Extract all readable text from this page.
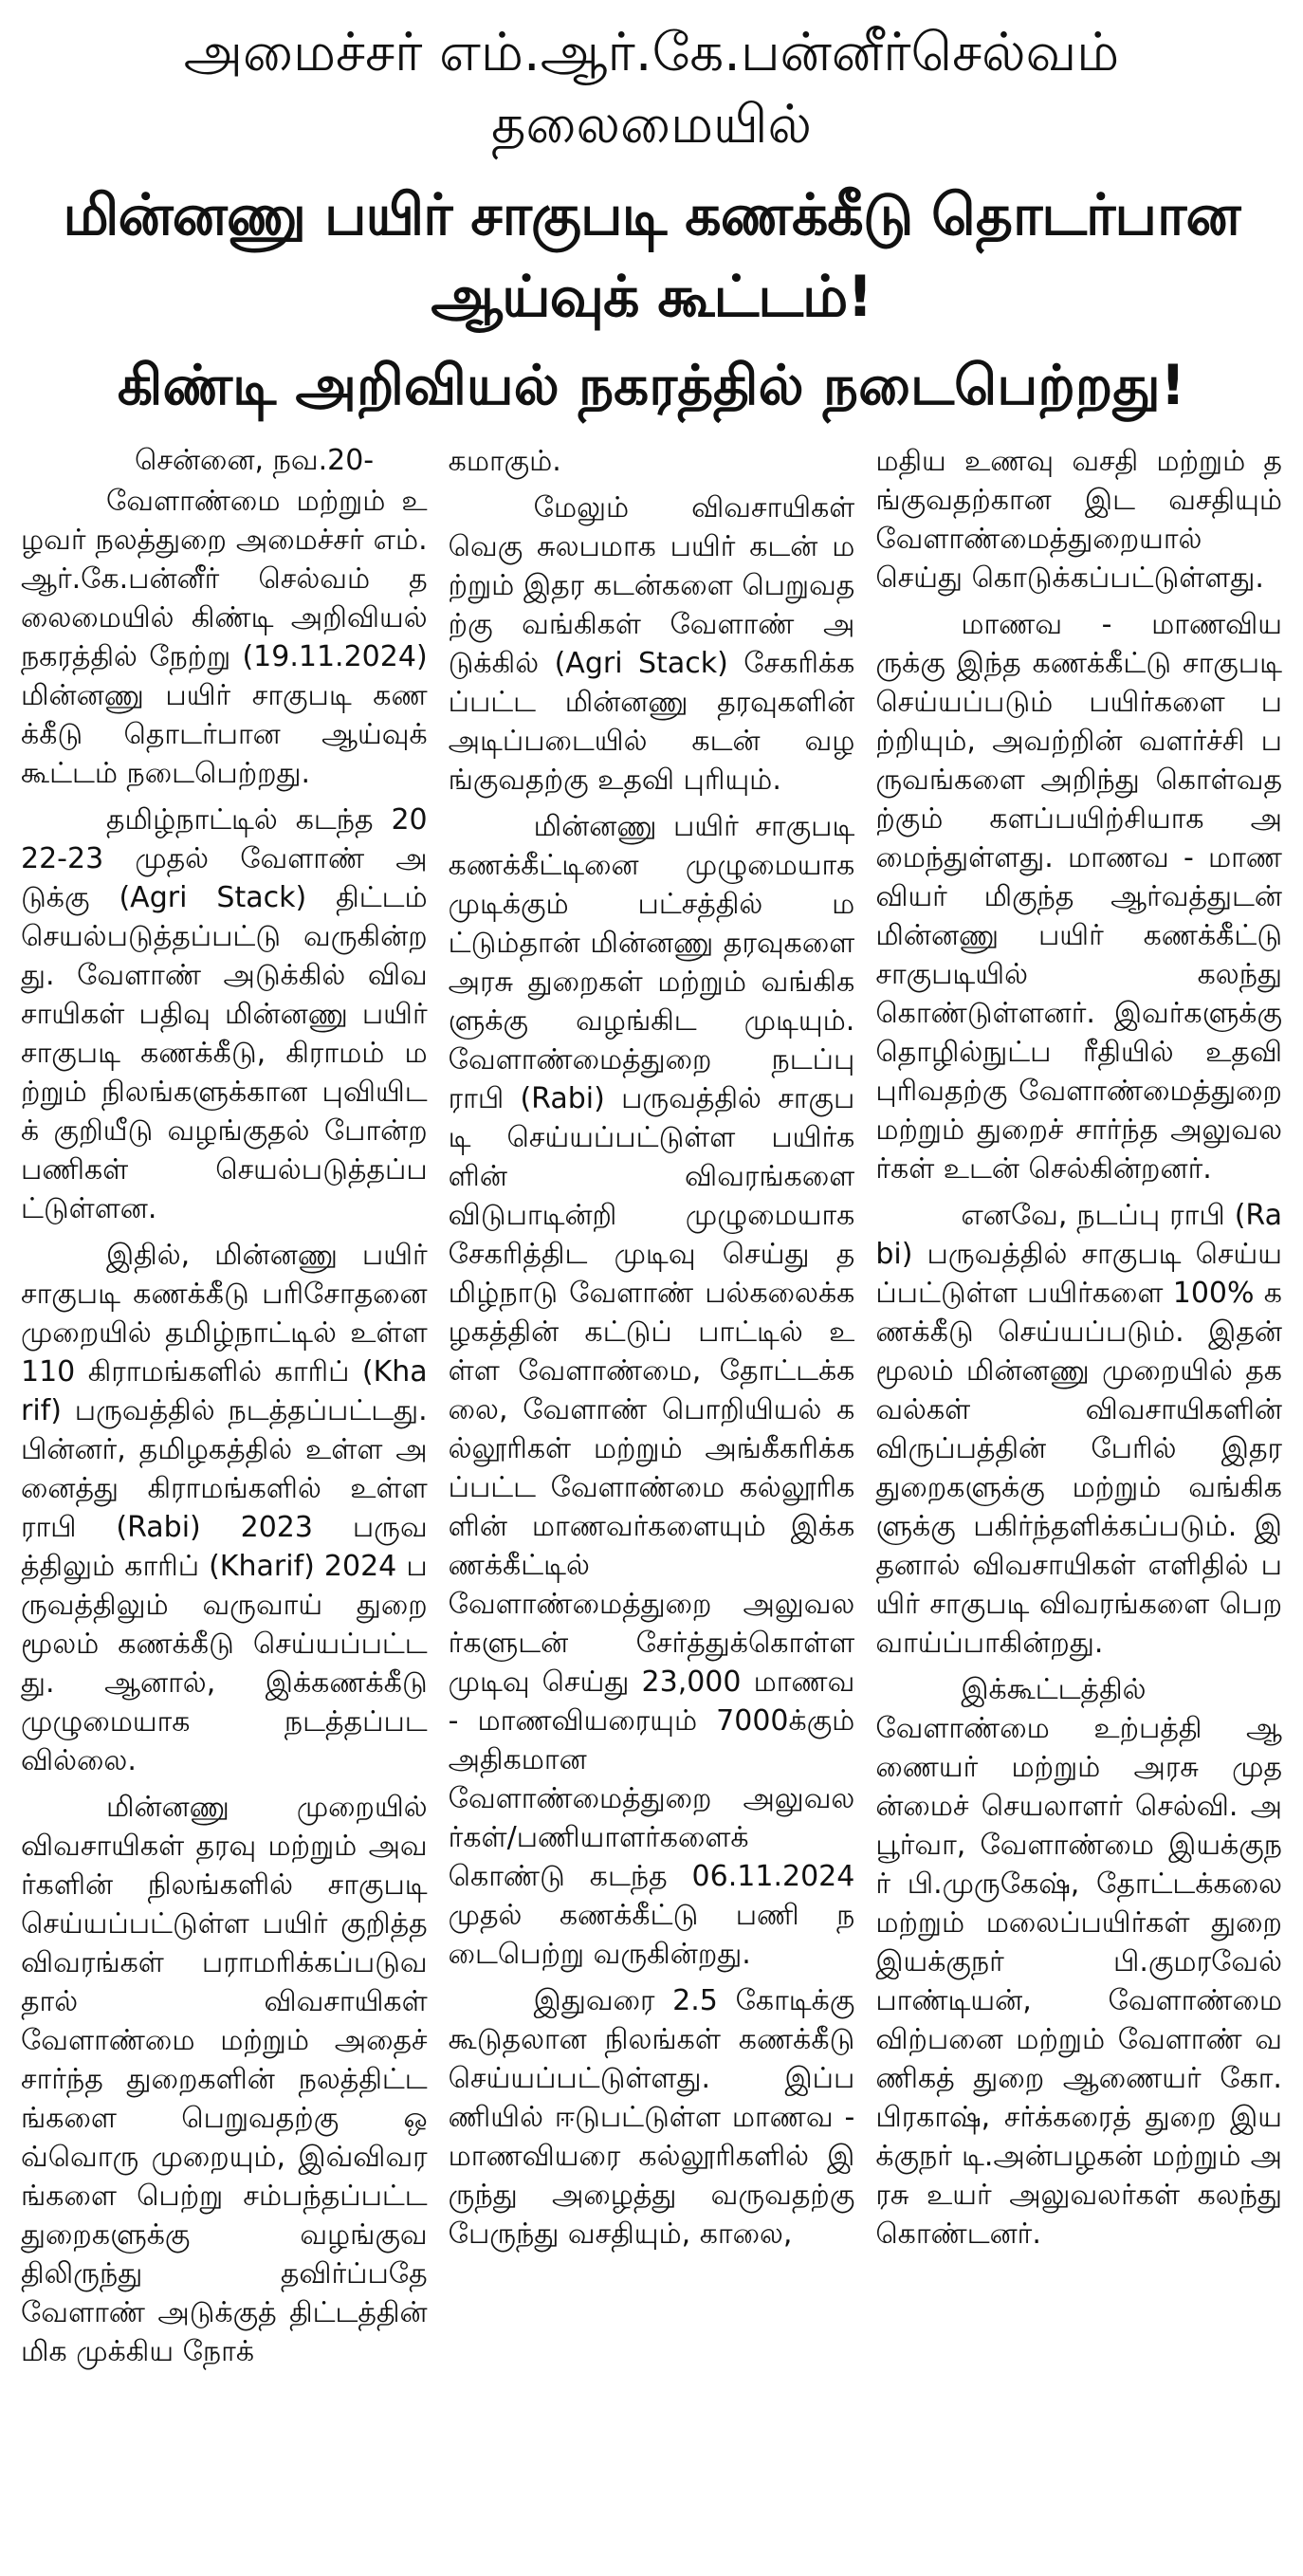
அமைச்சர் எம்.ஆர்.கே.பன்னீர்செல்வம் தலைமையில்
மின்னணு பயிர் சாகுபடி கணக்கீடு தொடர்பான ஆய்வுக் கூட்டம்!
கிண்டி அறிவியல் நகரத்தில் நடைபெற்றது!
சென்னை, நவ.20-

வேளாண்மை மற்றும் உழவர் நலத்துறை அமைச்சர் எம்.ஆர்.கே.பன்னீர் செல்வம் தலைமையில் கிண்டி அறிவியல் நகரத்தில் நேற்று (19.11.2024) மின்னணு பயிர் சாகுபடி கணக்கீடு தொடர்பான ஆய்வுக் கூட்டம் நடைபெற்றது.

தமிழ்நாட்டில் கடந்த 2022-23 முதல் வேளாண் அடுக்கு (Agri Stack) திட்டம் செயல்படுத்தப்பட்டு வருகின்றது. வேளாண் அடுக்கில் விவசாயிகள் பதிவு மின்னணு பயிர் சாகுபடி கணக்கீடு, கிராமம் மற்றும் நிலங்களுக்கான புவியிடக் குறியீடு வழங்குதல் போன்ற பணிகள் செயல்படுத்தப்பட்டுள்ளன.

இதில், மின்னணு பயிர் சாகுபடி கணக்கீடு பரிசோதனை முறையில் தமிழ்நாட்டில் உள்ள 110 கிராமங்களில் காரிப் (Kharif) பருவத்தில் நடத்தப்பட்டது. பின்னர், தமிழகத்தில் உள்ள அனைத்து கிராமங்களில் உள்ள ராபி (Rabi) 2023 பருவத்திலும் காரிப் (Kharif) 2024 பருவத்திலும் வருவாய் துறை மூலம் கணக்கீடு செய்யப்பட்டது. ஆனால், இக்கணக்கீடு முழுமையாக நடத்தப்படவில்லை.

மின்னணு முறையில் விவசாயிகள் தரவு மற்றும் அவர்களின் நிலங்களில் சாகுபடி செய்யப்பட்டுள்ள பயிர் குறித்த விவரங்கள் பராமரிக்கப்படுவதால் விவசாயிகள் வேளாண்மை மற்றும் அதைச் சார்ந்த துறைகளின் நலத்திட்டங்களை பெறுவதற்கு ஒவ்வொரு முறையும், இவ்விவரங்களை பெற்று சம்பந்தப்பட்ட துறைகளுக்கு வழங்குவதிலிருந்து தவிர்ப்பதே வேளாண் அடுக்குத் திட்டத்தின் மிக முக்கிய நோக்

கமாகும்.

மேலும் விவசாயிகள் வெகு சுலபமாக பயிர் கடன் மற்றும் இதர கடன்களை பெறுவதற்கு வங்கிகள் வேளாண் அடுக்கில் (Agri Stack) சேகரிக்கப்பட்ட மின்னணு தரவுகளின் அடிப்படையில் கடன் வழங்குவதற்கு உதவி புரியும்.

மின்னணு பயிர் சாகுபடி கணக்கீட்டினை முழுமையாக முடிக்கும் பட்சத்தில் மட்டும்தான் மின்னணு தரவுகளை அரசு துறைகள் மற்றும் வங்கிகளுக்கு வழங்கிட முடியும். வேளாண்மைத்துறை நடப்பு ராபி (Rabi) பருவத்தில் சாகுபடி செய்யப்பட்டுள்ள பயிர்களின் விவரங்களை விடுபாடின்றி முழுமையாக சேகரித்திட முடிவு செய்து தமிழ்நாடு வேளாண் பல்கலைக்கழகத்தின் கட்டுப் பாட்டில் உள்ள வேளாண்மை, தோட்டக்கலை, வேளாண் பொறியியல் கல்லூரிகள் மற்றும் அங்கீகரிக்கப்பட்ட வேளாண்மை கல்லூரிகளின் மாணவர்களையும் இக்கணக்கீட்டில் வேளாண்மைத்துறை அலுவலர்களுடன் சேர்த்துக்கொள்ள முடிவு செய்து 23,000 மாணவ - மாணவியரையும் 7000க்கும் அதிகமான வேளாண்மைத்துறை அலுவலர்கள்/பணியாளர்களைக் கொண்டு கடந்த 06.11.2024 முதல் கணக்கீட்டு பணி நடைபெற்று வருகின்றது.

இதுவரை 2.5 கோடிக்கு கூடுதலான நிலங்கள் கணக்கீடு செய்யப்பட்டுள்ளது. இப்பணியில் ஈடுபட்டுள்ள மாணவ - மாணவியரை கல்லூரிகளில் இருந்து அழைத்து வருவதற்கு பேருந்து வசதியும், காலை,

மதிய உணவு வசதி மற்றும் தங்குவதற்கான இட வசதியும் வேளாண்மைத்துறையால் செய்து கொடுக்கப்பட்டுள்ளது.

மாணவ - மாணவியருக்கு இந்த கணக்கீட்டு சாகுபடி செய்யப்படும் பயிர்களை பற்றியும், அவற்றின் வளர்ச்சி பருவங்களை அறிந்து கொள்வதற்கும் களப்பயிற்சியாக அமைந்துள்ளது. மாணவ - மாணவியர் மிகுந்த ஆர்வத்துடன் மின்னணு பயிர் கணக்கீட்டு சாகுபடியில் கலந்து கொண்டுள்ளனர். இவர்களுக்கு தொழில்நுட்ப ரீதியில் உதவி புரிவதற்கு வேளாண்மைத்துறை மற்றும் துறைச் சார்ந்த அலுவலர்கள் உடன் செல்கின்றனர்.

எனவே, நடப்பு ராபி (Rabi) பருவத்தில் சாகுபடி செய்யப்பட்டுள்ள பயிர்களை 100% கணக்கீடு செய்யப்படும். இதன் மூலம் மின்னணு முறையில் தகவல்கள் விவசாயிகளின் விருப்பத்தின் பேரில் இதர துறைகளுக்கு மற்றும் வங்கிகளுக்கு பகிர்ந்தளிக்கப்படும். இதனால் விவசாயிகள் எளிதில் பயிர் சாகுபடி விவரங்களை பெற வாய்ப்பாகின்றது.

இக்கூட்டத்தில் வேளாண்மை உற்பத்தி ஆணையர் மற்றும் அரசு முதன்மைச் செயலாளர் செல்வி. அபூர்வா, வேளாண்மை இயக்குநர் பி.முருகேஷ், தோட்டக்கலை மற்றும் மலைப்பயிர்கள் துறை இயக்குநர் பி.குமரவேல் பாண்டியன், வேளாண்மை விற்பனை மற்றும் வேளாண் வணிகத் துறை ஆணையர் கோ.பிரகாஷ், சர்க்கரைத் துறை இயக்குநர் டி.அன்பழகன் மற்றும் அரசு உயர் அலுவலர்கள் கலந்து கொண்டனர்.
